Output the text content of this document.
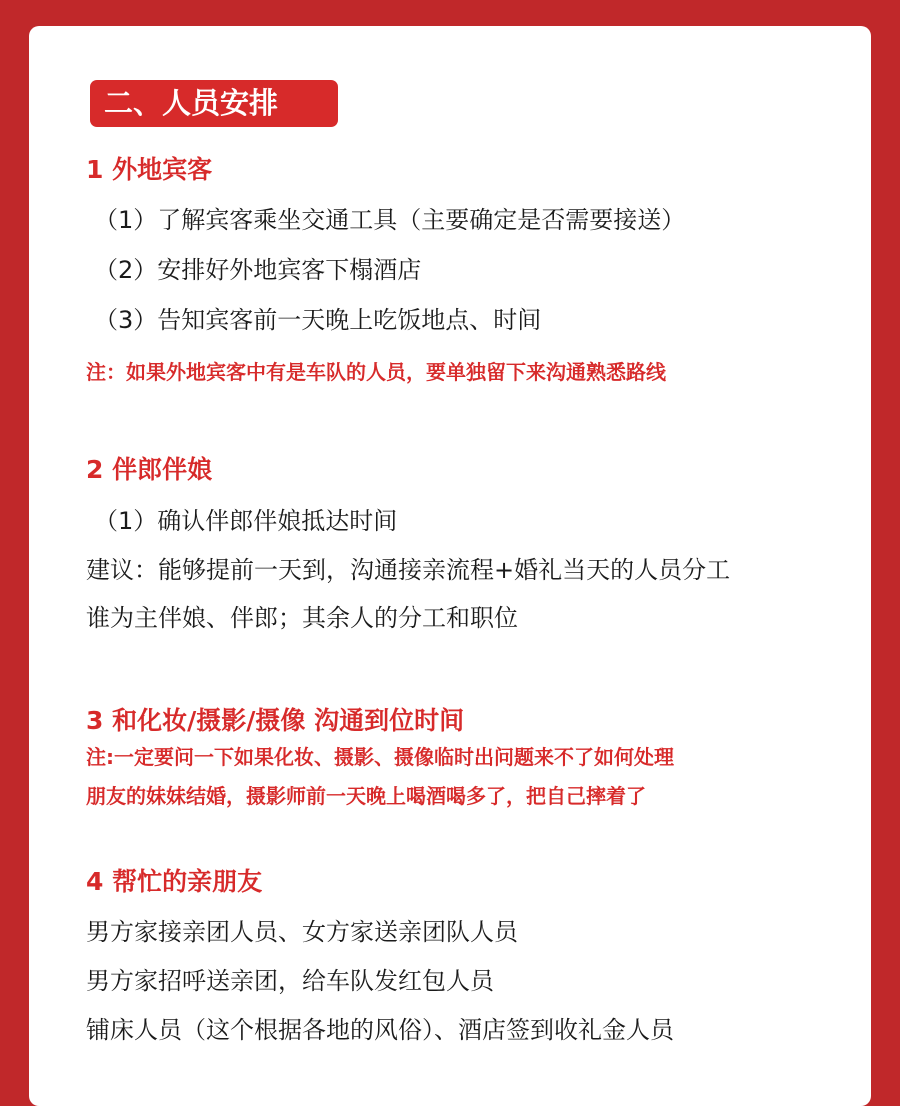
二、人员安排
1 外地宾客
（1）了解宾客乘坐交通工具（主要确定是否需要接送）
（2）安排好外地宾客下榻酒店
（3）告知宾客前一天晚上吃饭地点、时间
注：如果外地宾客中有是车队的人员，要单独留下来沟通熟悉路线
2 伴郎伴娘
（1）确认伴郎伴娘抵达时间
建议：能够提前一天到，沟通接亲流程+婚礼当天的人员分工
谁为主伴娘、伴郎；其余人的分工和职位
3 和化妆/摄影/摄像 沟通到位时间
注:一定要问一下如果化妆、摄影、摄像临时出问题来不了如何处理
朋友的妹妹结婚，摄影师前一天晚上喝酒喝多了，把自己摔着了
4 帮忙的亲朋友
男方家接亲团人员、女方家送亲团队人员
男方家招呼送亲团，给车队发红包人员
铺床人员（这个根据各地的风俗）、酒店签到收礼金人员
